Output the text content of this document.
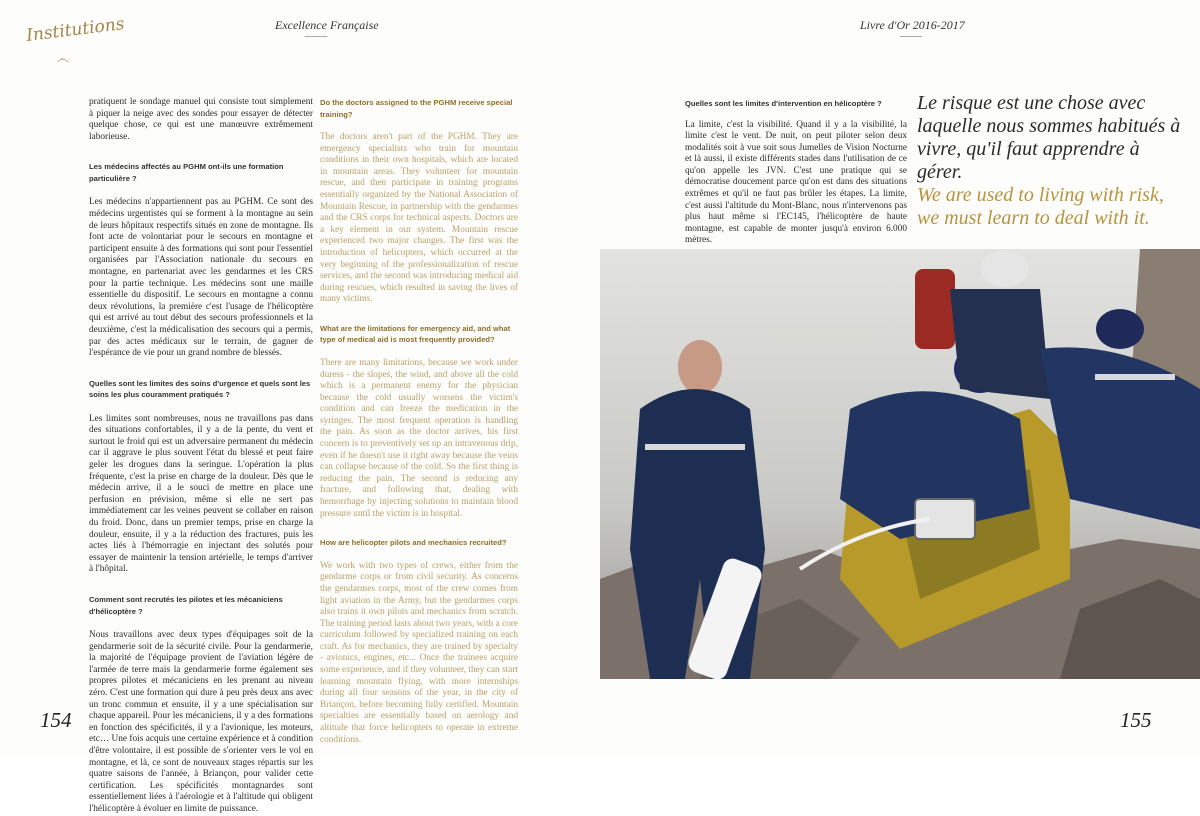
Institutions
෴
Excellence Française

pratiquent le sondage manuel qui consiste tout simplement à piquer la neige avec des sondes pour essayer de détecter quelque chose, ce qui est une manœuvre extrêmement laborieuse.

Les médecins affectés au PGHM ont-ils une formation particulière ?

Les médecins n'appartiennent pas au PGHM. Ce sont des médecins urgentistes qui se forment à la montagne au sein de leurs hôpitaux respectifs situés en zone de montagne. Ils font acte de volontariat pour le secours en montagne et participent ensuite à des formations qui sont pour l'essentiel organisées par l'Association nationale du secours en montagne, en partenariat avec les gendarmes et les CRS pour la partie technique. Les médecins sont une maille essentielle du dispositif. Le secours en montagne a connu deux révolutions, la première c'est l'usage de l'hélicoptère qui est arrivé au tout début des secours professionnels et la deuxième, c'est la médicalisation des secours qui a permis, par des actes médicaux sur le terrain, de gagner de l'espérance de vie pour un grand nombre de blessés.

Quelles sont les limites des soins d'urgence et quels sont les soins les plus couramment pratiqués ?

Les limites sont nombreuses, nous ne travaillons pas dans des situations confortables, il y a de la pente, du vent et surtout le froid qui est un adversaire permanent du médecin car il aggrave le plus souvent l'état du blessé et peut faire geler les drogues dans la seringue. L'opération la plus fréquente, c'est la prise en charge de la douleur. Dès que le médecin arrive, il a le souci de mettre en place une perfusion en prévision, même si elle ne sert pas immédiatement car les veines peuvent se collaber en raison du froid. Donc, dans un premier temps, prise en charge la douleur, ensuite, il y a la réduction des fractures, puis les actes liés à l'hémorragie en injectant des solutés pour essayer de maintenir la tension artérielle, le temps d'arriver à l'hôpital.

Comment sont recrutés les pilotes et les mécaniciens d'hélicoptère ?

Nous travaillons avec deux types d'équipages soit de la gendarmerie soit de la sécurité civile. Pour la gendarmerie, la majorité de l'équipage provient de l'aviation légère de l'armée de terre mais la gendarmerie forme également ses propres pilotes et mécaniciens en les prenant au niveau zéro. C'est une formation qui dure à peu près deux ans avec un tronc commun et ensuite, il y a une spécialisation sur chaque appareil. Pour les mécaniciens, il y a des formations en fonction des spécificités, il y a l'avionique, les moteurs, etc… Une fois acquis une certaine expérience et à condition d'être volontaire, il est possible de s'orienter vers le vol en montagne, et là, ce sont de nouveaux stages répartis sur les quatre saisons de l'année, à Briançon, pour valider cette certification. Les spécificités montagnardes sont essentiellement liées à l'aérologie et à l'altitude qui obligent l'hélicoptère à évoluer en limite de puissance.

Do the doctors assigned to the PGHM receive special training?

The doctors aren't part of the PGHM. They are emergency specialists who train for mountain conditions in their own hospitals, which are located in mountain areas. They volunteer for mountain rescue, and then participate in training programs essentially organized by the National Association of Mountain Rescue, in partnership with the gendarmes and the CRS corps for technical aspects. Doctors are a key element in our system. Mountain rescue experienced two major changes. The first was the introduction of helicopters, which occurred at the very beginning of the professionalization of rescue services, and the second was introducing medical aid during rescues, which resulted in saving the lives of many victims.

What are the limitations for emergency aid, and what type of medical aid is most frequently provided?

There are many limitations, because we work under duress - the slopes, the wind, and above all the cold which is a permanent enemy for the physician because the cold usually worsens the victim's condition and can freeze the medication in the syringes. The most frequent operation is handling the pain. As soon as the doctor arrives, his first concern is to preventively set up an intravenous drip, even if he doesn't use it right away because the veins can collapse because of the cold. So the first thing is reducing the pain. The second is reducing any fracture, and following that, dealing with hemorrhage by injecting solutions to maintain blood pressure until the victim is in hospital.

How are helicopter pilots and mechanics recruited?

We work with two types of crews, either from the gendarme corps or from civil security. As concerns the gendarmes corps, most of the crew comes from light aviation in the Army, but the gendarmes corps also trains it own pilots and mechanics from scratch. The training period lasts about two years, with a core curriculum followed by specialized training on each craft. As for mechanics, they are trained by specialty - avionics, engines, etc... Once the trainees acquire some experience, and if they volunteer, they can start learning mountain flying, with more internships during all four seasons of the year, in the city of Briançon, before becoming fully certified. Mountain specialties are essentially based on aerology and altitude that force helicopters to operate in extreme conditions.

154
Livre d'Or 2016-2017
Quelles sont les limites d'intervention en hélicoptère ?

La limite, c'est la visibilité. Quand il y a la visibilité, la limite c'est le vent. De nuit, on peut piloter selon deux modalités soit à vue soit sous Jumelles de Vision Nocturne et là aussi, il existe différents stades dans l'utilisation de ce qu'on appelle les JVN. C'est une pratique qui se démocratise doucement parce qu'on est dans des situations extrêmes et qu'il ne faut pas brûler les étapes. La limite, c'est aussi l'altitude du Mont-Blanc, nous n'intervenons pas plus haut même si l'EC145, l'hélicoptère de haute montagne, est capable de monter jusqu'à environ 6.000 mètres.

Le risque est une chose avec laquelle nous sommes habitués à vivre, qu'il faut apprendre à gérer.
We are used to living with risk, we must learn to deal with it.
155
